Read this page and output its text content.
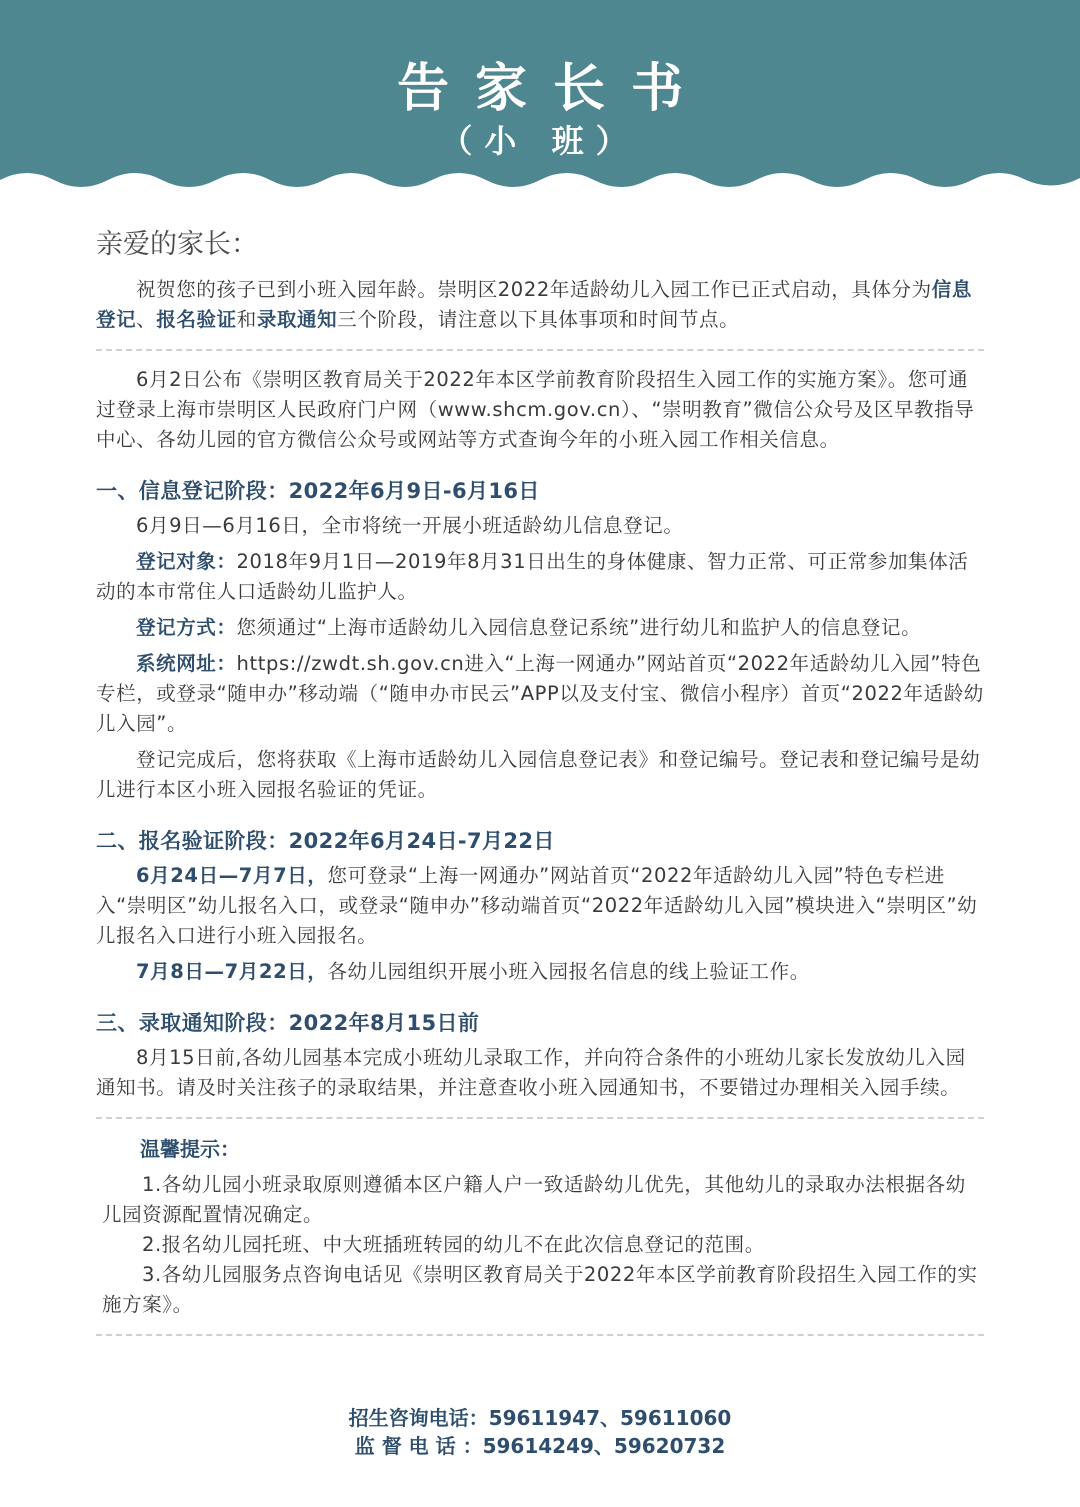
告家长书
（小 班）
亲爱的家长：

祝贺您的孩子已到小班入园年龄。崇明区2022年适龄幼儿入园工作已正式启动，具体分为信息登记、报名验证和录取通知三个阶段，请注意以下具体事项和时间节点。

6月2日公布《崇明区教育局关于2022年本区学前教育阶段招生入园工作的实施方案》。您可通过登录上海市崇明区人民政府门户网（www.shcm.gov.cn）、“崇明教育”微信公众号及区早教指导中心、各幼儿园的官方微信公众号或网站等方式查询今年的小班入园工作相关信息。

一、信息登记阶段：2022年6月9日-6月16日

6月9日—6月16日，全市将统一开展小班适龄幼儿信息登记。

登记对象：2018年9月1日—2019年8月31日出生的身体健康、智力正常、可正常参加集体活动的本市常住人口适龄幼儿监护人。

登记方式：您须通过“上海市适龄幼儿入园信息登记系统”进行幼儿和监护人的信息登记。

系统网址：https://zwdt.sh.gov.cn进入“上海一网通办”网站首页“2022年适龄幼儿入园”特色专栏，或登录“随申办”移动端（“随申办市民云”APP以及支付宝、微信小程序）首页“2022年适龄幼儿入园”。

登记完成后，您将获取《上海市适龄幼儿入园信息登记表》和登记编号。登记表和登记编号是幼儿进行本区小班入园报名验证的凭证。

二、报名验证阶段：2022年6月24日-7月22日

6月24日—7月7日，您可登录“上海一网通办”网站首页“2022年适龄幼儿入园”特色专栏进入“崇明区”幼儿报名入口，或登录“随申办”移动端首页“2022年适龄幼儿入园”模块进入“崇明区”幼儿报名入口进行小班入园报名。

7月8日—7月22日，各幼儿园组织开展小班入园报名信息的线上验证工作。

三、录取通知阶段：2022年8月15日前

8月15日前,各幼儿园基本完成小班幼儿录取工作，并向符合条件的小班幼儿家长发放幼儿入园通知书。请及时关注孩子的录取结果，并注意查收小班入园通知书，不要错过办理相关入园手续。

温馨提示：

1.各幼儿园小班录取原则遵循本区户籍人户一致适龄幼儿优先，其他幼儿的录取办法根据各幼儿园资源配置情况确定。

2.报名幼儿园托班、中大班插班转园的幼儿不在此次信息登记的范围。

3.各幼儿园服务点咨询电话见《崇明区教育局关于2022年本区学前教育阶段招生入园工作的实施方案》。

招生咨询电话：59611947、59611060
监 督 电 话 ：59614249、59620732
